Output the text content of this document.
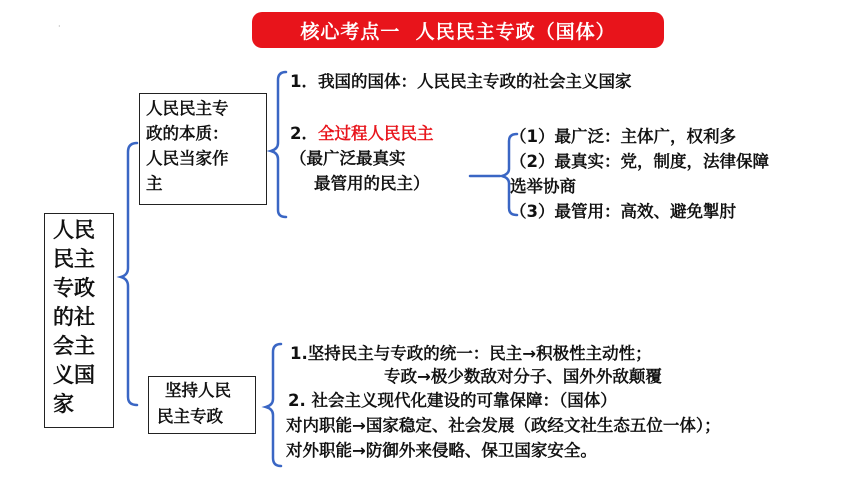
·	核心考点一  人民民主专政（国体）
人民
民主
专政
的社
会主
义国
家
人民民主专
政的本质：
人民当家作
主
1．我国的国体：人民民主专政的社会主义国家
2．全过程人民民主
（最广泛最真实
最管用的民主）
（1）最广泛：主体广，权利多
（2）最真实：党，制度，法律保障
选举协商
（3）最管用：高效、避免掣肘
坚持人民
民主专政
1.坚持民主与专政的统一：民主→积极性主动性；
专政→极少数敌对分子、国外外敌颠覆
2. 社会主义现代化建设的可靠保障：（国体）
对内职能→国家稳定、社会发展（政经文社生态五位一体）；
对外职能→防御外来侵略、保卫国家安全。
